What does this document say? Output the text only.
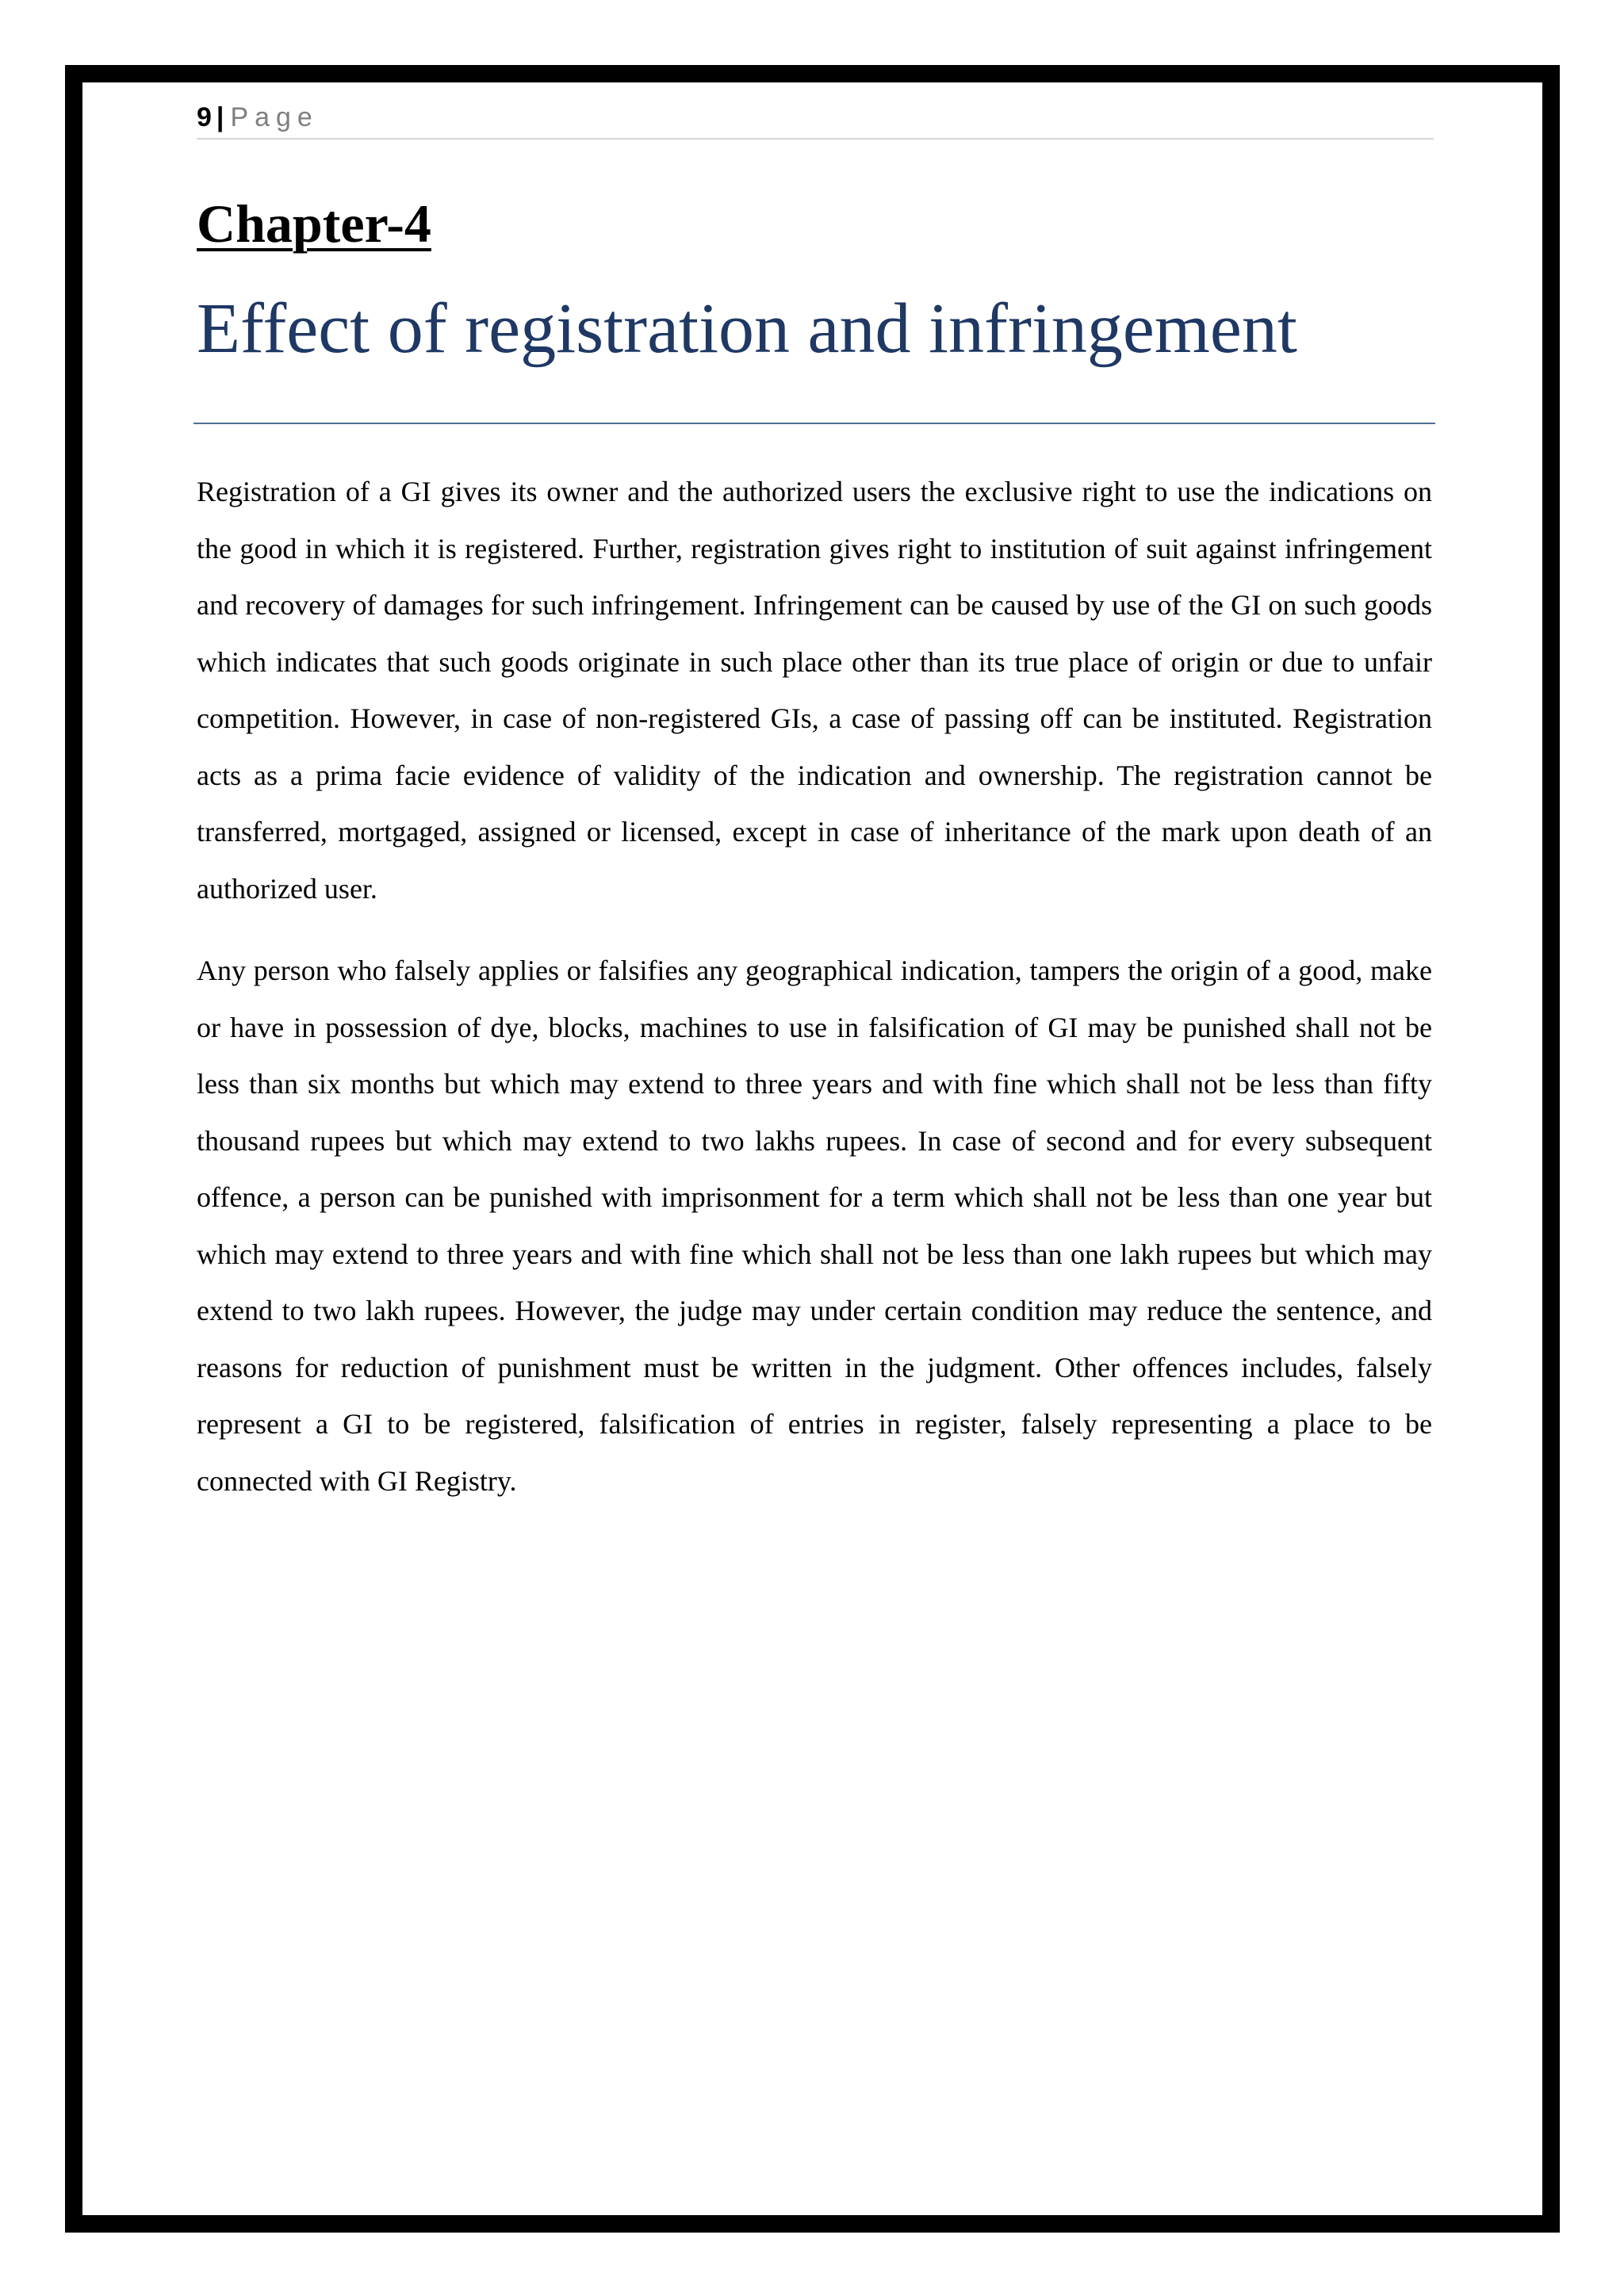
9 | Page
Chapter-4
Effect of registration and infringement

Registration of a GI gives its owner and the authorized users the exclusive right to use the indications on the good in which it is registered. Further, registration gives right to institution of suit against infringement and recovery of damages for such infringement. Infringement can be caused by use of the GI on such goods which indicates that such goods originate in such place other than its true place of origin or due to unfair competition. However, in case of non-registered GIs, a case of passing off can be instituted. Registration acts as a prima facie evidence of validity of the indication and ownership. The registration cannot be transferred, mortgaged, assigned or licensed, except in case of inheritance of the mark upon death of an authorized user.

Any person who falsely applies or falsifies any geographical indication, tampers the origin of a good, make or have in possession of dye, blocks, machines to use in falsification of GI may be punished shall not be less than six months but which may extend to three years and with fine which shall not be less than fifty thousand rupees but which may extend to two lakhs rupees. In case of second and for every subsequent offence, a person can be punished with imprisonment for a term which shall not be less than one year but which may extend to three years and with fine which shall not be less than one lakh rupees but which may extend to two lakh rupees. However, the judge may under certain condition may reduce the sentence, and reasons for reduction of punishment must be written in the judgment. Other offences includes, falsely represent a GI to be registered, falsification of entries in register, falsely representing a place to be connected with GI Registry.
